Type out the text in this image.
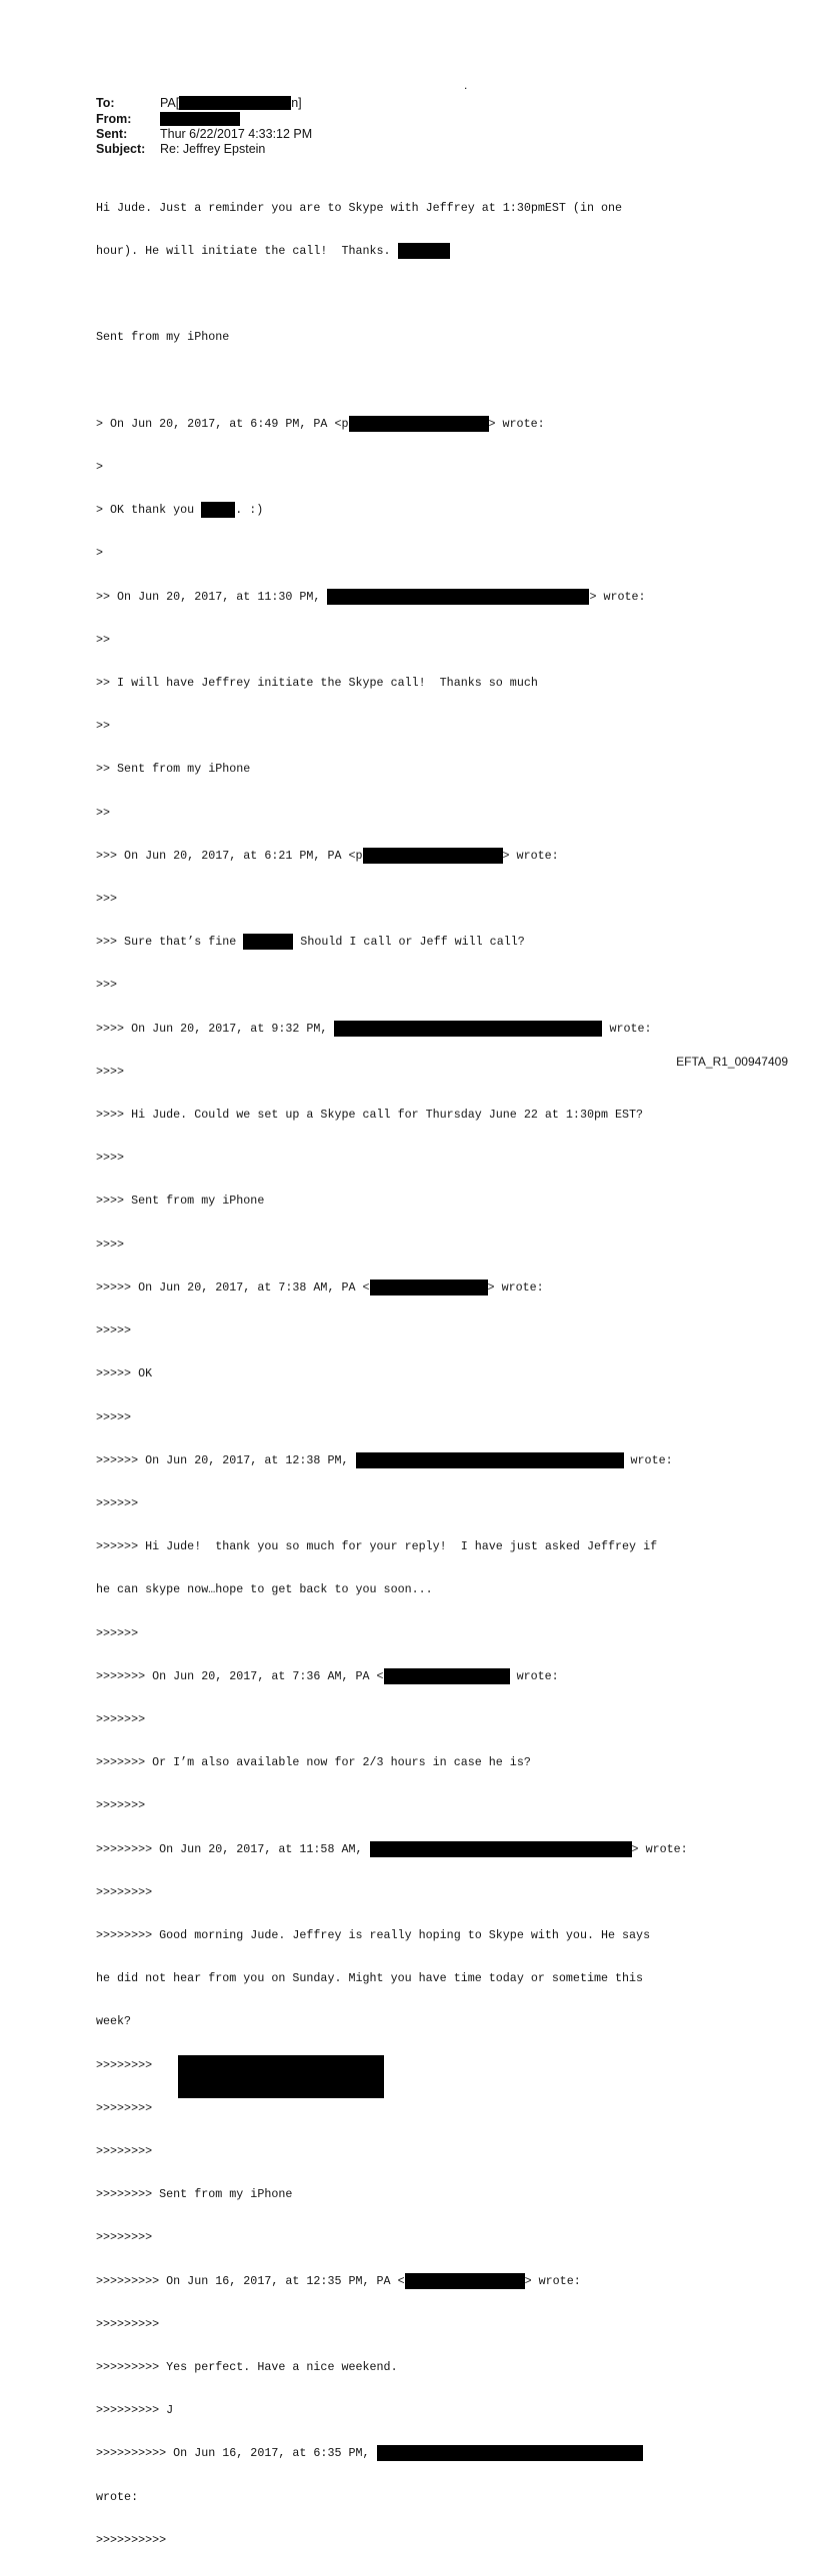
.
To:	PA[	n]
From:
Sent:	Thur 6/22/2017 4:33:12 PM
Subject: Re: Jeffrey Epstein

Hi Jude. Just a reminder you are to Skype with Jeffrey at 1:30pmEST (in one

hour). He will initiate the call!  Thanks.

Sent from my iPhone

> On Jun 20, 2017, at 6:49 PM, PA <p	> wrote:

>

> OK thank you	. :)

>

>> On Jun 20, 2017, at 11:30 PM,	> wrote:

>>

>> I will have Jeffrey initiate the Skype call!  Thanks so much

>>

>> Sent from my iPhone

>>

>>> On Jun 20, 2017, at 6:21 PM, PA <p	> wrote:

>>>

>>> Sure that’s fine	Should I call or Jeff will call?

>>>

>>>> On Jun 20, 2017, at 9:32 PM,	wrote:

>>>>

>>>> Hi Jude. Could we set up a Skype call for Thursday June 22 at 1:30pm EST?

>>>>

>>>> Sent from my iPhone

>>>>

>>>>> On Jun 20, 2017, at 7:38 AM, PA <	> wrote:

>>>>>

>>>>> OK

>>>>>

>>>>>> On Jun 20, 2017, at 12:38 PM,	wrote:

>>>>>>

>>>>>> Hi Jude!  thank you so much for your reply!  I have just asked Jeffrey if

he can skype now…hope to get back to you soon...

>>>>>>

>>>>>>> On Jun 20, 2017, at 7:36 AM, PA <	wrote:

>>>>>>>

>>>>>>> Or I’m also available now for 2/3 hours in case he is?

>>>>>>>

>>>>>>>> On Jun 20, 2017, at 11:58 AM,	> wrote:

>>>>>>>>

>>>>>>>> Good morning Jude. Jeffrey is really hoping to Skype with you. He says

he did not hear from you on Sunday. Might you have time today or sometime this

week?

>>>>>>>>

>>>>>>>>

>>>>>>>>

>>>>>>>> Sent from my iPhone

>>>>>>>>

>>>>>>>>> On Jun 16, 2017, at 12:35 PM, PA <	> wrote:

>>>>>>>>>

>>>>>>>>> Yes perfect. Have a nice weekend.

>>>>>>>>> J

>>>>>>>>>> On Jun 16, 2017, at 6:35 PM,

wrote:

>>>>>>>>>>

EFTA_R1_00947409
